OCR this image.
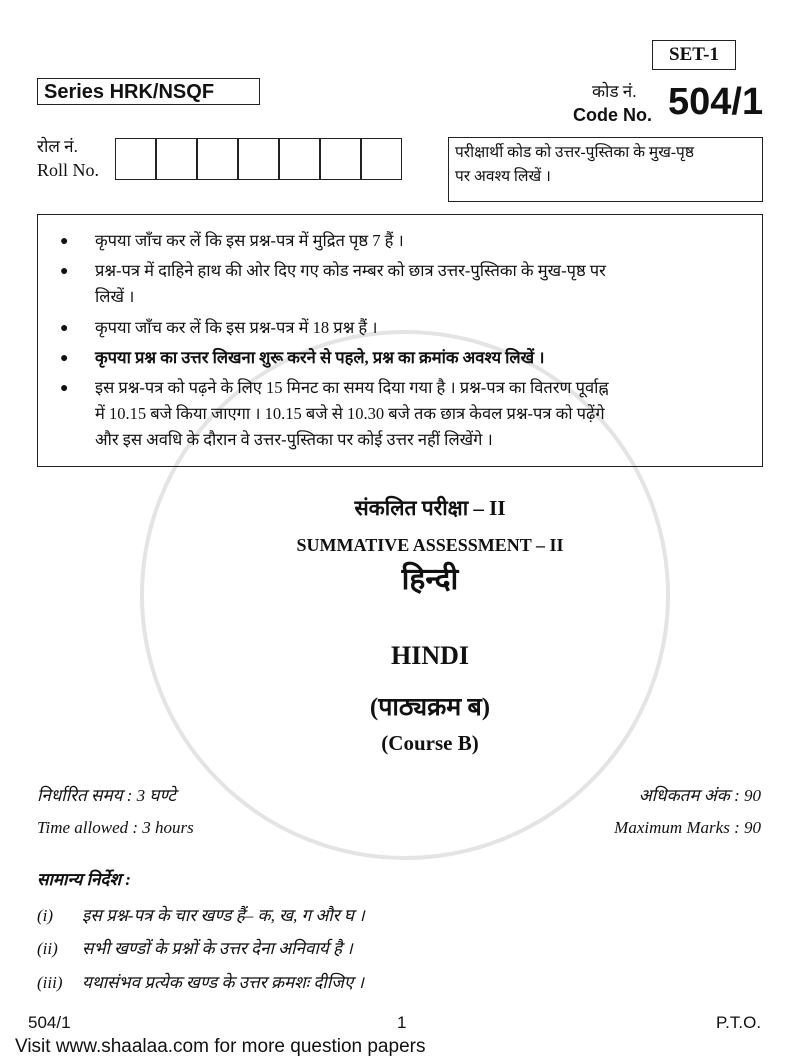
SET-1
Series HRK/NSQF	कोड नं.
Code No. 504/1
रोल नं.
Roll No.
परीक्षार्थी कोड को उत्तर-पुस्तिका के मुख-पृष्ठ
पर अवश्य लिखें ।
● कृपया जाँच कर लें कि इस प्रश्न-पत्र में मुद्रित पृष्ठ 7 हैं ।
● प्रश्न-पत्र में दाहिने हाथ की ओर दिए गए कोड नम्बर को छात्र उत्तर-पुस्तिका के मुख-पृष्ठ पर
लिखें ।
● कृपया जाँच कर लें कि इस प्रश्न-पत्र में 18 प्रश्न हैं ।
● कृपया प्रश्न का उत्तर लिखना शुरू करने से पहले, प्रश्न का क्रमांक अवश्य लिखें ।
● इस प्रश्न-पत्र को पढ़ने के लिए 15 मिनट का समय दिया गया है । प्रश्न-पत्र का वितरण पूर्वाह्न
में 10.15 बजे किया जाएगा । 10.15 बजे से 10.30 बजे तक छात्र केवल प्रश्न-पत्र को पढ़ेंगे
और इस अवधि के दौरान वे उत्तर-पुस्तिका पर कोई उत्तर नहीं लिखेंगे ।
संकलित परीक्षा – II
SUMMATIVE ASSESSMENT – II
हिन्दी
HINDI
(पाठ्यक्रम ब)
(Course B)
निर्धारित समय : 3 घण्टे	अधिकतम अंक : 90
Time allowed : 3 hours	Maximum Marks : 90
सामान्य निर्देश :
(i) इस प्रश्न-पत्र के चार खण्ड हैं– क, ख, ग और घ ।
(ii) सभी खण्डों के प्रश्नों के उत्तर देना अनिवार्य है ।
(iii) यथासंभव प्रत्येक खण्ड के उत्तर क्रमशः दीजिए ।
504/1	1	P.T.O.
Visit www.shaalaa.com for more question papers
